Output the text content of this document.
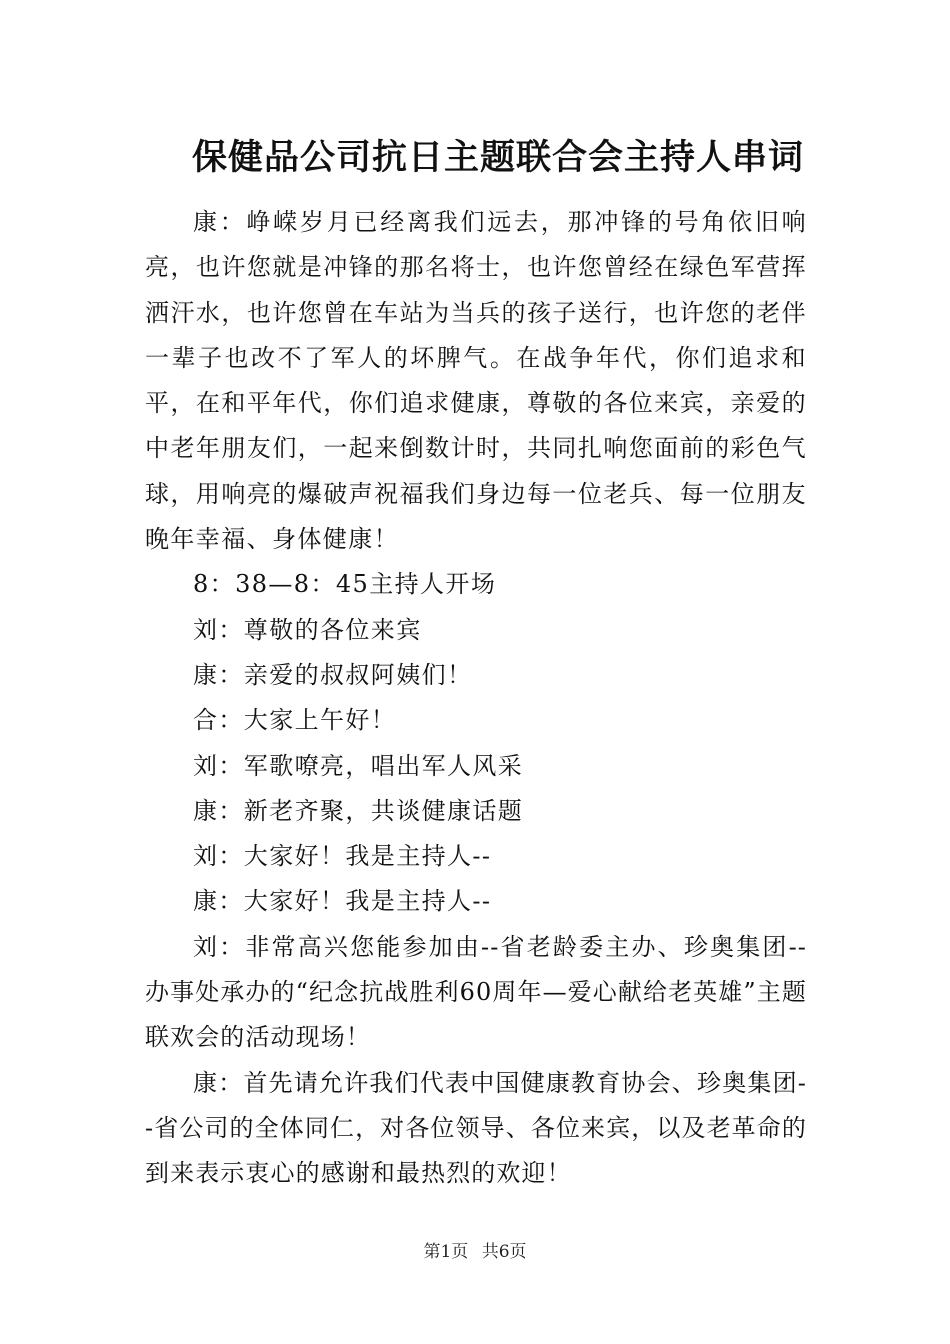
保健品公司抗日主题联合会主持人串词

康：峥嵘岁月已经离我们远去，那冲锋的号角依旧响亮，也许您就是冲锋的那名将士，也许您曾经在绿色军营挥洒汗水，也许您曾在车站为当兵的孩子送行，也许您的老伴一辈子也改不了军人的坏脾气。在战争年代，你们追求和平，在和平年代，你们追求健康，尊敬的各位来宾，亲爱的中老年朋友们，一起来倒数计时，共同扎响您面前的彩色气球，用响亮的爆破声祝福我们身边每一位老兵、每一位朋友晚年幸福、身体健康！

8：38—8：45主持人开场

刘：尊敬的各位来宾

康：亲爱的叔叔阿姨们！

合：大家上午好！

刘：军歌嘹亮，唱出军人风采

康：新老齐聚，共谈健康话题

刘：大家好！我是主持人--

康：大家好！我是主持人--

刘：非常高兴您能参加由--省老龄委主办、珍奥集团--办事处承办的“纪念抗战胜利60周年—爱心献给老英雄”主题联欢会的活动现场！

康：首先请允许我们代表中国健康教育协会、珍奥集团--省公司的全体同仁，对各位领导、各位来宾，以及老革命的到来表示衷心的感谢和最热烈的欢迎！

第1页 共6页
